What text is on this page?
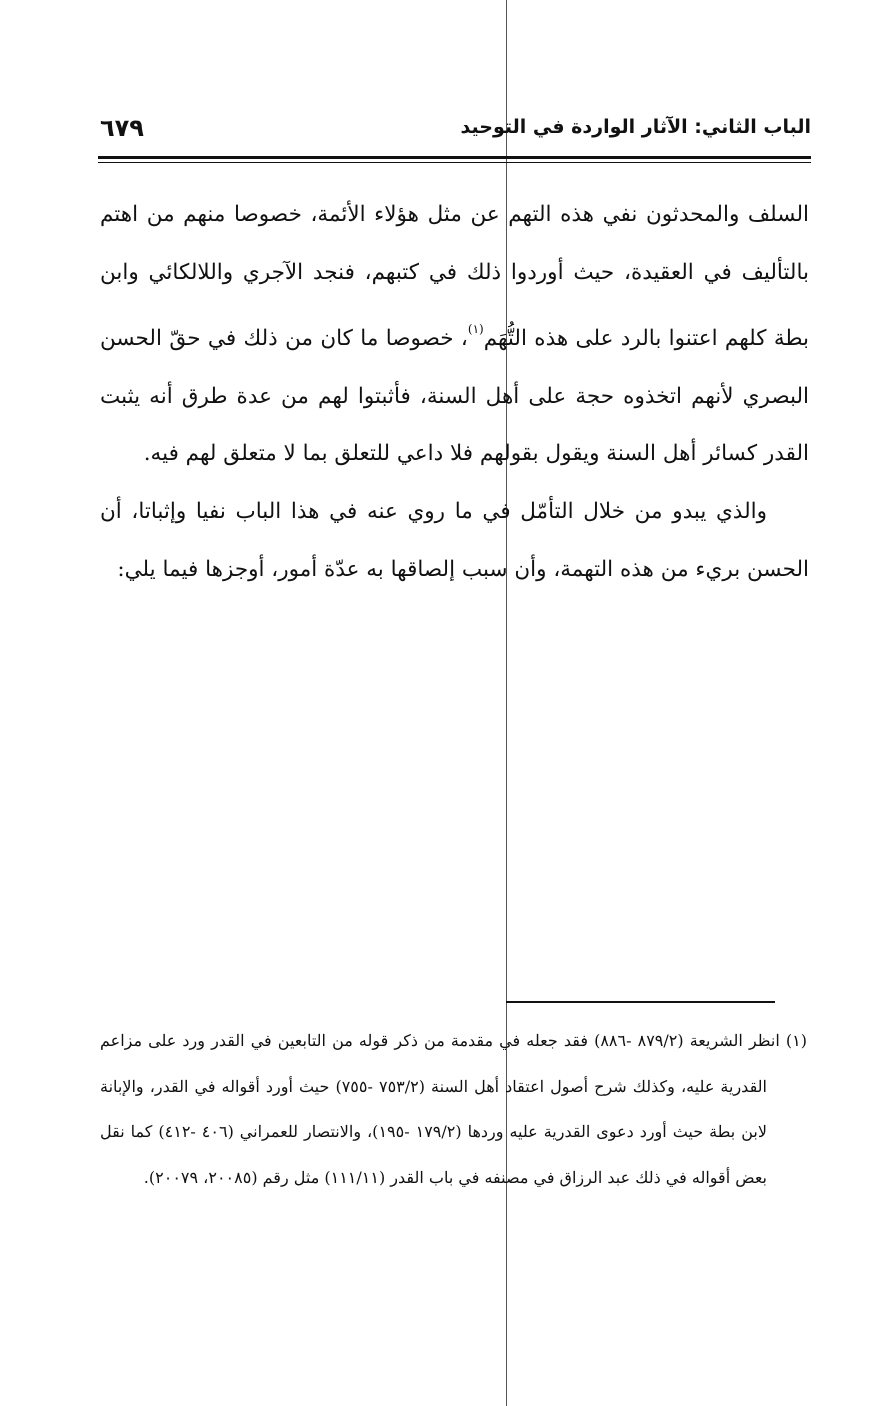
٦٧٩	الباب الثاني: الآثار الواردة في التوحيد

السلف والمحدثون نفي هذه التهم عن مثل هؤلاء الأئمة، خصوصا منهم من اهتم بالتأليف في العقيدة، حيث أوردوا ذلك في كتبهم، فنجد الآجري واللالكائي وابن بطة كلهم اعتنوا بالرد على هذه التُّهَم$^{(١)}$، خصوصا ما كان من ذلك في حقّ الحسن البصري لأنهم اتخذوه حجة على أهل السنة، فأثبتوا لهم من عدة طرق أنه يثبت القدر كسائر أهل السنة ويقول بقولهم فلا داعي للتعلق بما لا متعلق لهم فيه.

والذي يبدو من خلال التأمّل في ما روي عنه في هذا الباب نفيا وإثباتا، أن الحسن بريء من هذه التهمة، وأن سبب إلصاقها به عدّة أمور، أوجزها فيما يلي:

(١) انظر الشريعة (٨٧٩/٢ -٨٨٦) فقد جعله في مقدمة من ذكر قوله من التابعين في القدر ورد على مزاعم القدرية عليه، وكذلك شرح أصول اعتقاد أهل السنة (٧٥٣/٢ -٧٥٥) حيث أورد أقواله في القدر، والإبانة لابن بطة حيث أورد دعوى القدرية عليه وردها (١٧٩/٢ -١٩٥)، والانتصار للعمراني (٤٠٦ -٤١٢) كما نقل بعض أقواله في ذلك عبد الرزاق في مصنفه في باب القدر (١١١/١١) مثل رقم (٢٠٠٨٥، ٢٠٠٧٩).
